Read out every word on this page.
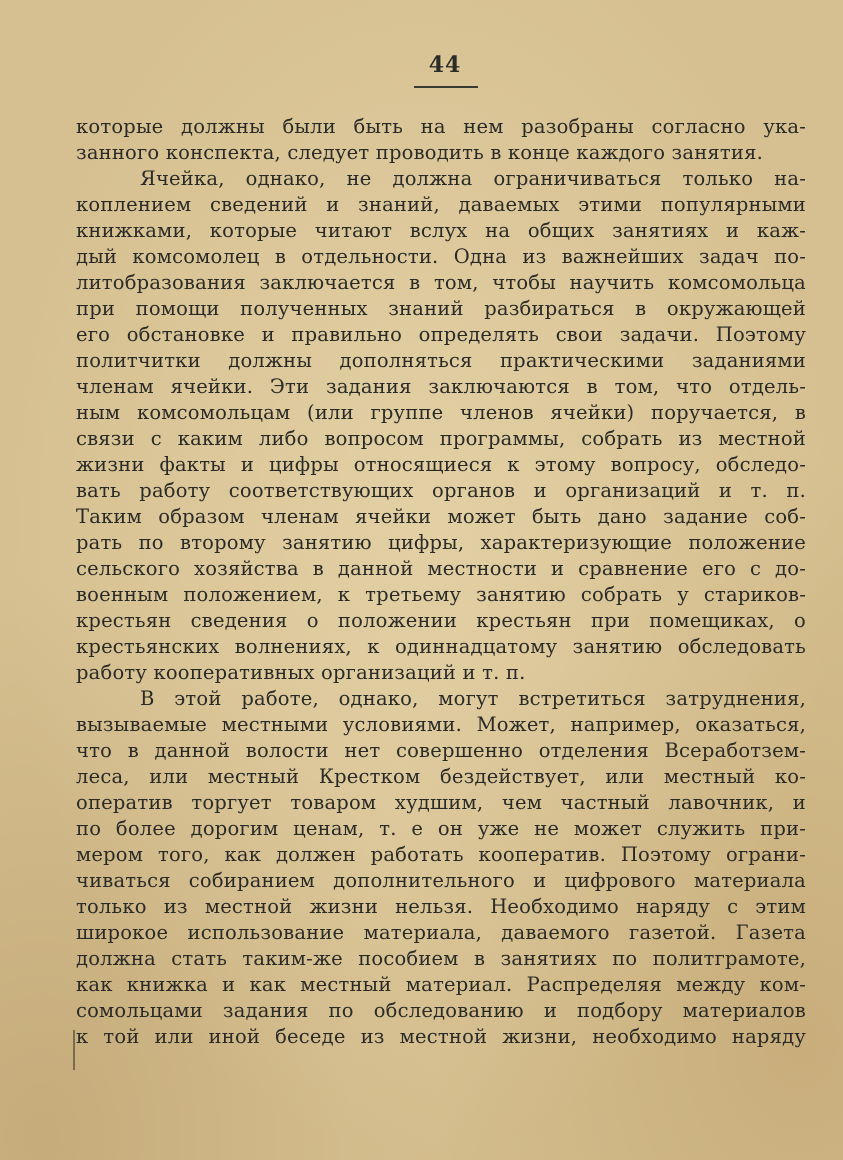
44
которые должны были быть на нем разобраны согласно ука-
занного конспекта, следует проводить в конце каждого занятия.
Ячейка, однако, не должна ограничиваться только на-
коплением сведений и знаний, даваемых этими популярными
книжками, которые читают вслух на общих занятиях и каж-
дый комсомолец в отдельности. Одна из важнейших задач по-
литобразования заключается в том, чтобы научить комсомольца
при помощи полученных знаний разбираться в окружающей
его обстановке и правильно определять свои задачи. Поэтому
политчитки должны дополняться практическими заданиями
членам ячейки. Эти задания заключаются в том, что отдель-
ным комсомольцам (или группе членов ячейки) поручается, в
связи с каким либо вопросом программы, собрать из местной
жизни факты и цифры относящиеся к этому вопросу, обследо-
вать работу соответствующих органов и организаций и т. п.
Таким образом членам ячейки может быть дано задание соб-
рать по второму занятию цифры, характеризующие положение
сельского хозяйства в данной местности и сравнение его с до-
военным положением, к третьему занятию собрать у стариков-
крестьян сведения о положении крестьян при помещиках, о
крестьянских волнениях, к одиннадцатому занятию обследовать
работу кооперативных организаций и т. п.
В этой работе, однако, могут встретиться затруднения,
вызываемые местными условиями. Может, например, оказаться,
что в данной волости нет совершенно отделения Всеработзем-
леса, или местный Крестком бездействует, или местный ко-
оператив торгует товаром худшим, чем частный лавочник, и
по более дорогим ценам, т. е он уже не может служить при-
мером того, как должен работать кооператив. Поэтому ограни-
чиваться собиранием дополнительного и цифрового материала
только из местной жизни нельзя. Необходимо наряду с этим
широкое использование материала, даваемого газетой. Газета
должна стать таким-же пособием в занятиях по политграмоте,
как книжка и как местный материал. Распределяя между ком-
сомольцами задания по обследованию и подбору материалов
к той или иной беседе из местной жизни, необходимо наряду
